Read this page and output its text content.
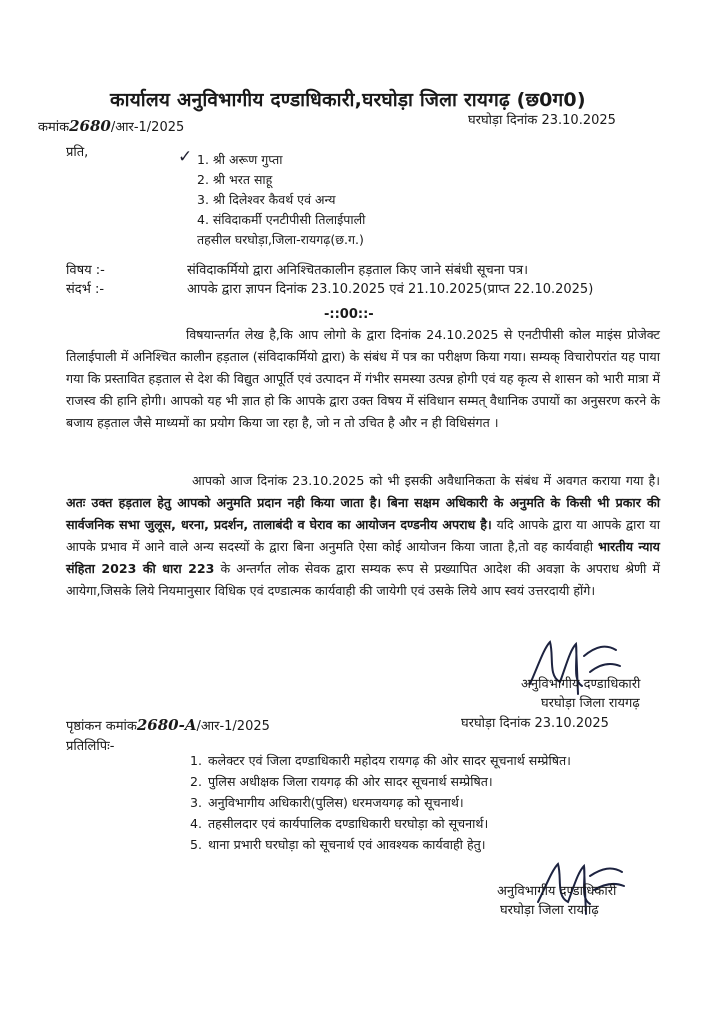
कार्यालय अनुविभागीय दण्डाधिकारी,घरघोड़ा जिला रायगढ़ (छ0ग0)
कमांक2680/आर-1/2025	घरघोड़ा दिनांक 23.10.2025
प्रति,	✓ 1. श्री अरूण गुप्ता
2. श्री भरत साहू
3. श्री दिलेश्वर कैवर्थ एवं अन्य
4. संविदाकर्मी एनटीपीसी तिलाईपाली
तहसील घरघोड़ा,जिला-रायगढ़(छ.ग.)
विषय :-	संविदाकर्मियो द्वारा अनिश्चितकालीन हड़ताल किए जाने संबंधी सूचना पत्र।
संदर्भ :-	आपके द्वारा ज्ञापन दिनांक 23.10.2025 एवं 21.10.2025(प्राप्त 22.10.2025)
-::00::-
विषयान्तर्गत लेख है,कि आप लोगो के द्वारा दिनांक 24.10.2025 से एनटीपीसी कोल माइंस प्रोजेक्ट तिलाईपाली में अनिश्चित कालीन हड़ताल (संविदाकर्मियो द्वारा) के संबंध में पत्र का परीक्षण किया गया। सम्यक् विचारोपरांत यह पाया गया कि प्रस्तावित हड़ताल से देश की विद्युत आपूर्ति एवं उत्पादन में गंभीर समस्या उत्पन्न होगी एवं यह कृत्य से शासन को भारी मात्रा में राजस्व की हानि होगी। आपको यह भी ज्ञात हो कि आपके द्वारा उक्त विषय में संविधान सम्मत् वैधानिक उपायों का अनुसरण करने के बजाय हड़ताल जैसे माध्यमों का प्रयोग किया जा रहा है, जो न तो उचित है और न ही विधिसंगत ।
आपको आज दिनांक 23.10.2025 को भी इसकी अवैधानिकता के संबंध में अवगत कराया गया है। अतः उक्त हड़ताल हेतु आपको अनुमति प्रदान नही किया जाता है। बिना सक्षम अधिकारी के अनुमति के किसी भी प्रकार की सार्वजनिक सभा जुलूस, धरना, प्रदर्शन, तालाबंदी व घेराव का आयोजन दण्डनीय अपराध है। यदि आपके द्वारा या आपके द्वारा या आपके प्रभाव में आने वाले अन्य सदस्यों के द्वारा बिना अनुमति ऐसा कोई आयोजन किया जाता है,तो वह कार्यवाही भारतीय न्याय संहिता 2023 की धारा 223 के अन्तर्गत लोक सेवक द्वारा सम्यक रूप से प्रख्यापित आदेश की अवज्ञा के अपराध श्रेणी में आयेगा,जिसके लिये नियमानुसार विधिक एवं दण्डात्मक कार्यवाही की जायेगी एवं उसके लिये आप स्वयं उत्तरदायी होंगे।
अनुविभागीय दण्डाधिकारी
घरघोड़ा जिला रायगढ़
पृष्ठांकन कमांक2680-A/आर-1/2025	घरघोड़ा दिनांक 23.10.2025
प्रतिलिपिः-
1. कलेक्टर एवं जिला दण्डाधिकारी महोदय रायगढ़ की ओर सादर सूचनार्थ सम्प्रेषित।
2. पुलिस अधीक्षक जिला रायगढ़ की ओर सादर सूचनार्थ सम्प्रेषित।
3. अनुविभागीय अधिकारी(पुलिस) धरमजयगढ़ को सूचनार्थ।
4. तहसीलदार एवं कार्यपालिक दण्डाधिकारी घरघोड़ा को सूचनार्थ।
5. थाना प्रभारी घरघोड़ा को सूचनार्थ एवं आवश्यक कार्यवाही हेतु।
अनुविभागीय दण्डाधिकारी
घरघोड़ा जिला रायगढ़
